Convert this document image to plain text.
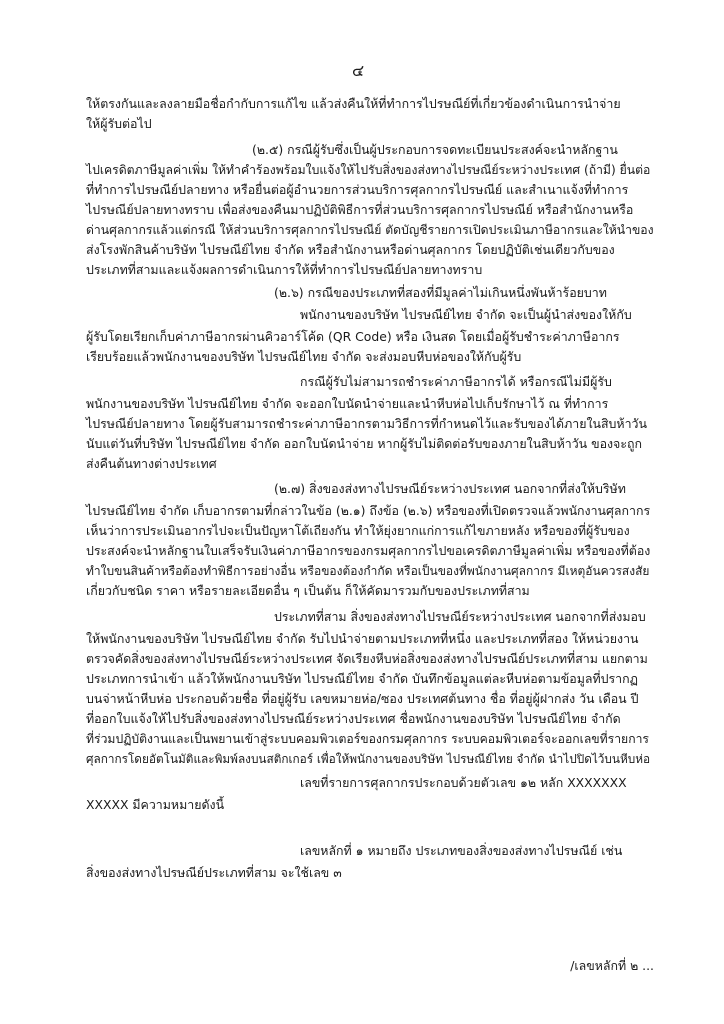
๔
ให้ตรงกันและลงลายมือชื่อกำกับการแก้ไข แล้วส่งคืนให้ที่ทำการไปรษณีย์ที่เกี่ยวข้องดำเนินการนำจ่าย
ให้ผู้รับต่อไป
(๒.๕) กรณีผู้รับซึ่งเป็นผู้ประกอบการจดทะเบียนประสงค์จะนำหลักฐาน
ไปเครดิตภาษีมูลค่าเพิ่ม ให้ทำคำร้องพร้อมใบแจ้งให้ไปรับสิ่งของส่งทางไปรษณีย์ระหว่างประเทศ (ถ้ามี) ยื่นต่อ
ที่ทำการไปรษณีย์ปลายทาง หรือยื่นต่อผู้อำนวยการส่วนบริการศุลกากรไปรษณีย์ และสำเนาแจ้งที่ทำการ
ไปรษณีย์ปลายทางทราบ เพื่อส่งของคืนมาปฏิบัติพิธีการที่ส่วนบริการศุลกากรไปรษณีย์ หรือสำนักงานหรือ
ด่านศุลกากรแล้วแต่กรณี ให้ส่วนบริการศุลกากรไปรษณีย์ ตัดบัญชีรายการเปิดประเมินภาษีอากรและให้นำของ
ส่งโรงพักสินค้าบริษัท ไปรษณีย์ไทย จำกัด หรือสำนักงานหรือด่านศุลกากร โดยปฏิบัติเช่นเดียวกับของ
ประเภทที่สามและแจ้งผลการดำเนินการให้ที่ทำการไปรษณีย์ปลายทางทราบ
(๒.๖) กรณีของประเภทที่สองที่มีมูลค่าไม่เกินหนึ่งพันห้าร้อยบาท
พนักงานของบริษัท ไปรษณีย์ไทย จำกัด จะเป็นผู้นำส่งของให้กับ
ผู้รับโดยเรียกเก็บค่าภาษีอากรผ่านคิวอาร์โค้ด (QR Code) หรือ เงินสด โดยเมื่อผู้รับชำระค่าภาษีอากร
เรียบร้อยแล้วพนักงานของบริษัท ไปรษณีย์ไทย จำกัด จะส่งมอบหีบห่อของให้กับผู้รับ
กรณีผู้รับไม่สามารถชำระค่าภาษีอากรได้ หรือกรณีไม่มีผู้รับ
พนักงานของบริษัท ไปรษณีย์ไทย จำกัด จะออกใบนัดนำจ่ายและนำหีบห่อไปเก็บรักษาไว้ ณ ที่ทำการ
ไปรษณีย์ปลายทาง โดยผู้รับสามารถชำระค่าภาษีอากรตามวิธีการที่กำหนดไว้และรับของได้ภายในสิบห้าวัน
นับแต่วันที่บริษัท ไปรษณีย์ไทย จำกัด ออกใบนัดนำจ่าย หากผู้รับไม่ติดต่อรับของภายในสิบห้าวัน ของจะถูก
ส่งคืนต้นทางต่างประเทศ
(๒.๗) สิ่งของส่งทางไปรษณีย์ระหว่างประเทศ นอกจากที่ส่งให้บริษัท
ไปรษณีย์ไทย จำกัด เก็บอากรตามที่กล่าวในข้อ (๒.๑) ถึงข้อ (๒.๖) หรือของที่เปิดตรวจแล้วพนักงานศุลกากร
เห็นว่าการประเมินอากรไปจะเป็นปัญหาโต้เถียงกัน ทำให้ยุ่งยากแก่การแก้ไขภายหลัง หรือของที่ผู้รับของ
ประสงค์จะนำหลักฐานใบเสร็จรับเงินค่าภาษีอากรของกรมศุลกากรไปขอเครดิตภาษีมูลค่าเพิ่ม หรือของที่ต้อง
ทำใบขนสินค้าหรือต้องทำพิธีการอย่างอื่น หรือของต้องกำกัด หรือเป็นของที่พนักงานศุลกากร มีเหตุอันควรสงสัย
เกี่ยวกับชนิด ราคา หรือรายละเอียดอื่น ๆ เป็นต้น ก็ให้คัดมารวมกับของประเภทที่สาม
ประเภทที่สาม สิ่งของส่งทางไปรษณีย์ระหว่างประเทศ นอกจากที่ส่งมอบ
ให้พนักงานของบริษัท ไปรษณีย์ไทย จำกัด รับไปนำจ่ายตามประเภทที่หนึ่ง และประเภทที่สอง ให้หน่วยงาน
ตรวจคัดสิ่งของส่งทางไปรษณีย์ระหว่างประเทศ จัดเรียงหีบห่อสิ่งของส่งทางไปรษณีย์ประเภทที่สาม แยกตาม
ประเภทการนำเข้า แล้วให้พนักงานบริษัท ไปรษณีย์ไทย จำกัด บันทึกข้อมูลแต่ละหีบห่อตามข้อมูลที่ปรากฏ
บนจ่าหน้าหีบห่อ ประกอบด้วยชื่อ ที่อยู่ผู้รับ เลขหมายห่อ/ซอง ประเทศต้นทาง ชื่อ ที่อยู่ผู้ฝากส่ง วัน เดือน ปี
ที่ออกใบแจ้งให้ไปรับสิ่งของส่งทางไปรษณีย์ระหว่างประเทศ ชื่อพนักงานของบริษัท ไปรษณีย์ไทย จำกัด
ที่ร่วมปฏิบัติงานและเป็นพยานเข้าสู่ระบบคอมพิวเตอร์ของกรมศุลกากร ระบบคอมพิวเตอร์จะออกเลขที่รายการ
ศุลกากรโดยอัตโนมัติและพิมพ์ลงบนสติกเกอร์ เพื่อให้พนักงานของบริษัท ไปรษณีย์ไทย จำกัด นำไปปิดไว้บนหีบห่อ
เลขที่รายการศุลกากรประกอบด้วยตัวเลข ๑๒ หลัก XXXXXXX
XXXXX มีความหมายดังนี้
เลขหลักที่ ๑ หมายถึง ประเภทของสิ่งของส่งทางไปรษณีย์ เช่น
สิ่งของส่งทางไปรษณีย์ประเภทที่สาม จะใช้เลข ๓
/เลขหลักที่ ๒ ...
